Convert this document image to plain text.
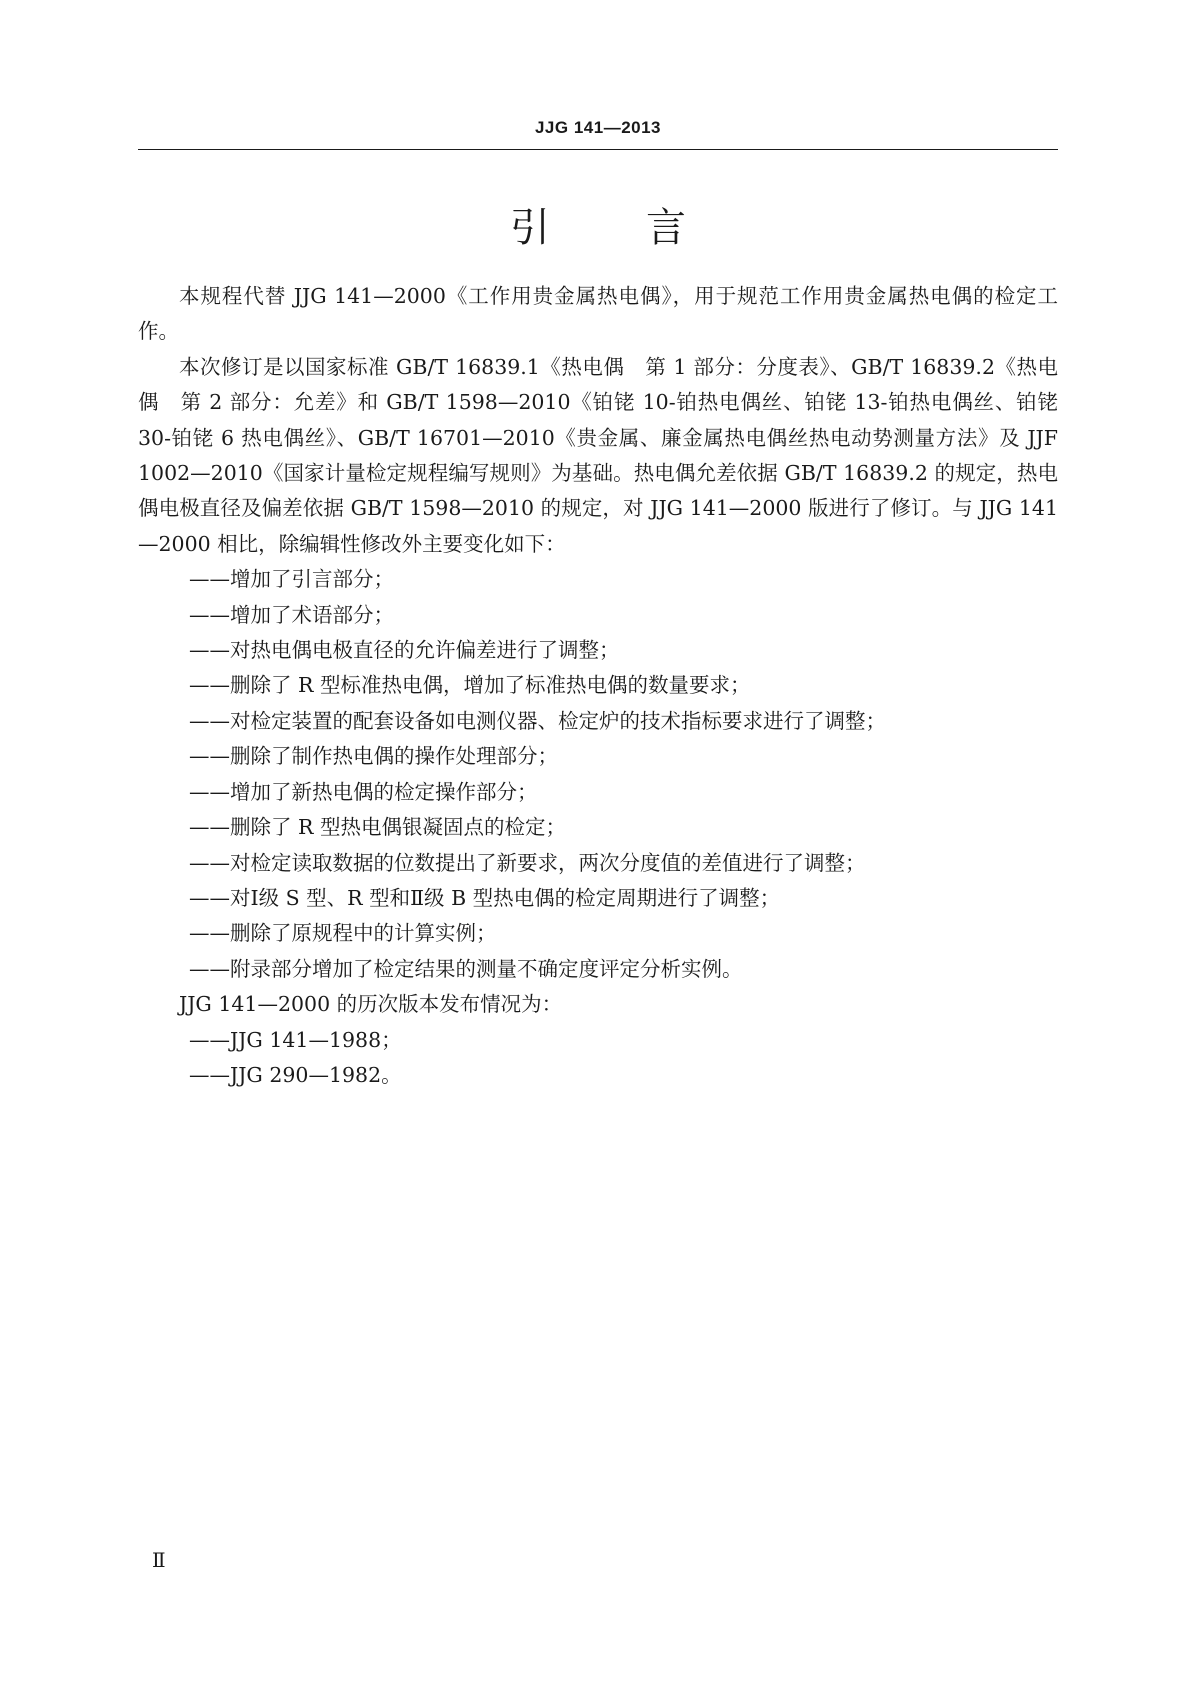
JJG 141—2013
引 言

本规程代替 JJG 141—2000《工作用贵金属热电偶》，用于规范工作用贵金属热电偶的检定工作。

本次修订是以国家标准 GB/T 16839.1《热电偶　第 1 部分：分度表》、GB/T 16839.2《热电偶　第 2 部分：允差》和 GB/T 1598—2010《铂铑 10-铂热电偶丝、铂铑 13-铂热电偶丝、铂铑 30-铂铑 6 热电偶丝》、GB/T 16701—2010《贵金属、廉金属热电偶丝热电动势测量方法》及 JJF 1002—2010《国家计量检定规程编写规则》为基础。热电偶允差依据 GB/T 16839.2 的规定，热电偶电极直径及偏差依据 GB/T 1598—2010 的规定，对 JJG 141—2000 版进行了修订。与 JJG 141—2000 相比，除编辑性修改外主要变化如下：

——增加了引言部分；
——增加了术语部分；
——对热电偶电极直径的允许偏差进行了调整；
——删除了 R 型标准热电偶，增加了标准热电偶的数量要求；
——对检定装置的配套设备如电测仪器、检定炉的技术指标要求进行了调整；
——删除了制作热电偶的操作处理部分；
——增加了新热电偶的检定操作部分；
——删除了 R 型热电偶银凝固点的检定；
——对检定读取数据的位数提出了新要求，两次分度值的差值进行了调整；
——对Ⅰ级 S 型、R 型和Ⅱ级 B 型热电偶的检定周期进行了调整；
——删除了原规程中的计算实例；
——附录部分增加了检定结果的测量不确定度评定分析实例。

JJG 141—2000 的历次版本发布情况为：

——JJG 141—1988；
——JJG 290—1982。
Ⅱ
